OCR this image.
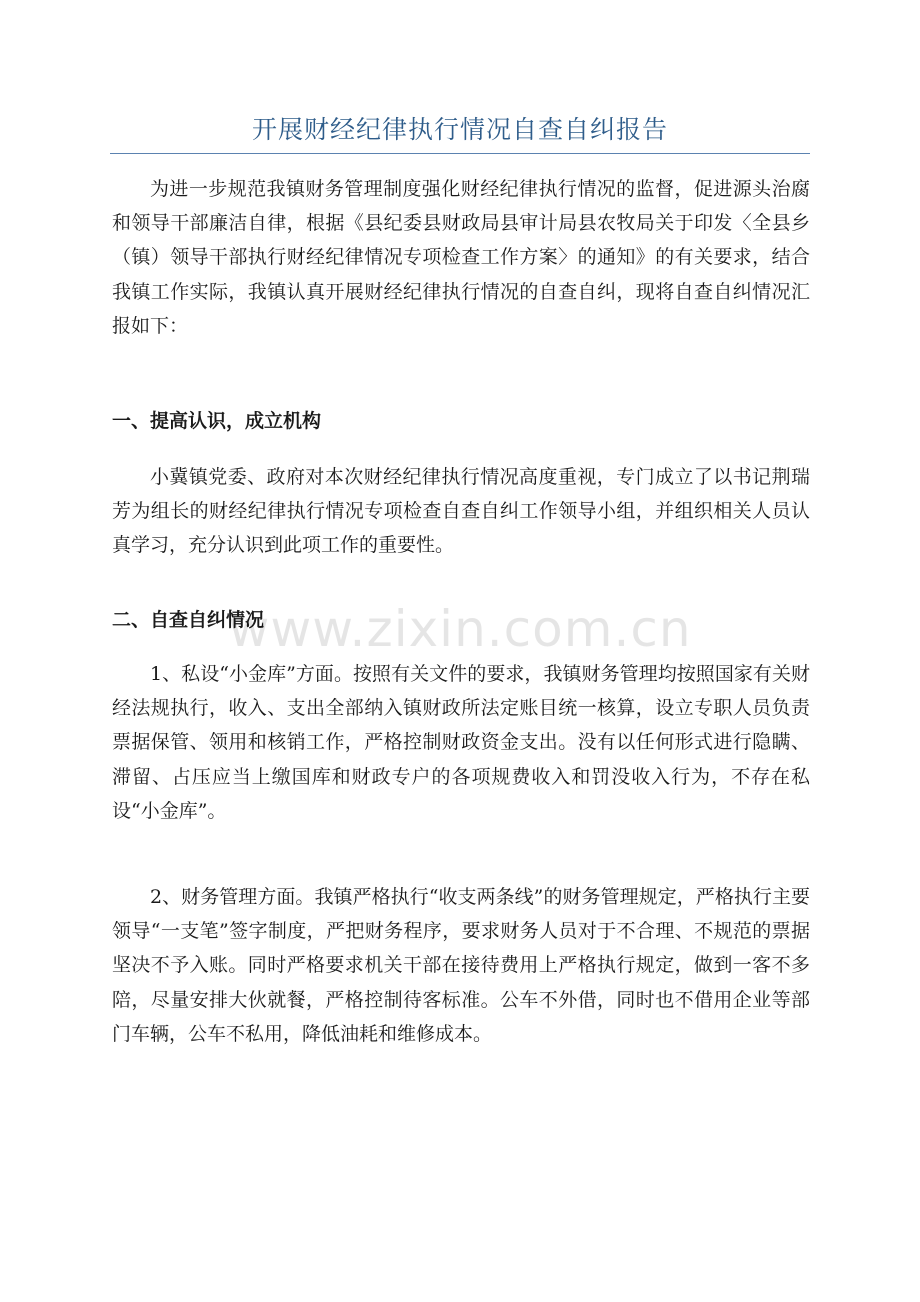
开展财经纪律执行情况自查自纠报告

为进一步规范我镇财务管理制度强化财经纪律执行情况的监督，促进源头治腐和领导干部廉洁自律，根据《县纪委县财政局县审计局县农牧局关于印发〈全县乡（镇）领导干部执行财经纪律情况专项检查工作方案〉的通知》的有关要求，结合我镇工作实际，我镇认真开展财经纪律执行情况的自查自纠，现将自查自纠情况汇报如下：

一、提高认识，成立机构

小冀镇党委、政府对本次财经纪律执行情况高度重视，专门成立了以书记荆瑞芳为组长的财经纪律执行情况专项检查自查自纠工作领导小组，并组织相关人员认真学习，充分认识到此项工作的重要性。

二、自查自纠情况

1、私设“小金库”方面。按照有关文件的要求，我镇财务管理均按照国家有关财经法规执行，收入、支出全部纳入镇财政所法定账目统一核算，设立专职人员负责票据保管、领用和核销工作，严格控制财政资金支出。没有以任何形式进行隐瞒、滞留、占压应当上缴国库和财政专户的各项规费收入和罚没收入行为，不存在私设“小金库”。

2、财务管理方面。我镇严格执行“收支两条线”的财务管理规定，严格执行主要领导“一支笔”签字制度，严把财务程序，要求财务人员对于不合理、不规范的票据坚决不予入账。同时严格要求机关干部在接待费用上严格执行规定，做到一客不多陪，尽量安排大伙就餐，严格控制待客标准。公车不外借，同时也不借用企业等部门车辆，公车不私用，降低油耗和维修成本。

www.zixin.com.cn
